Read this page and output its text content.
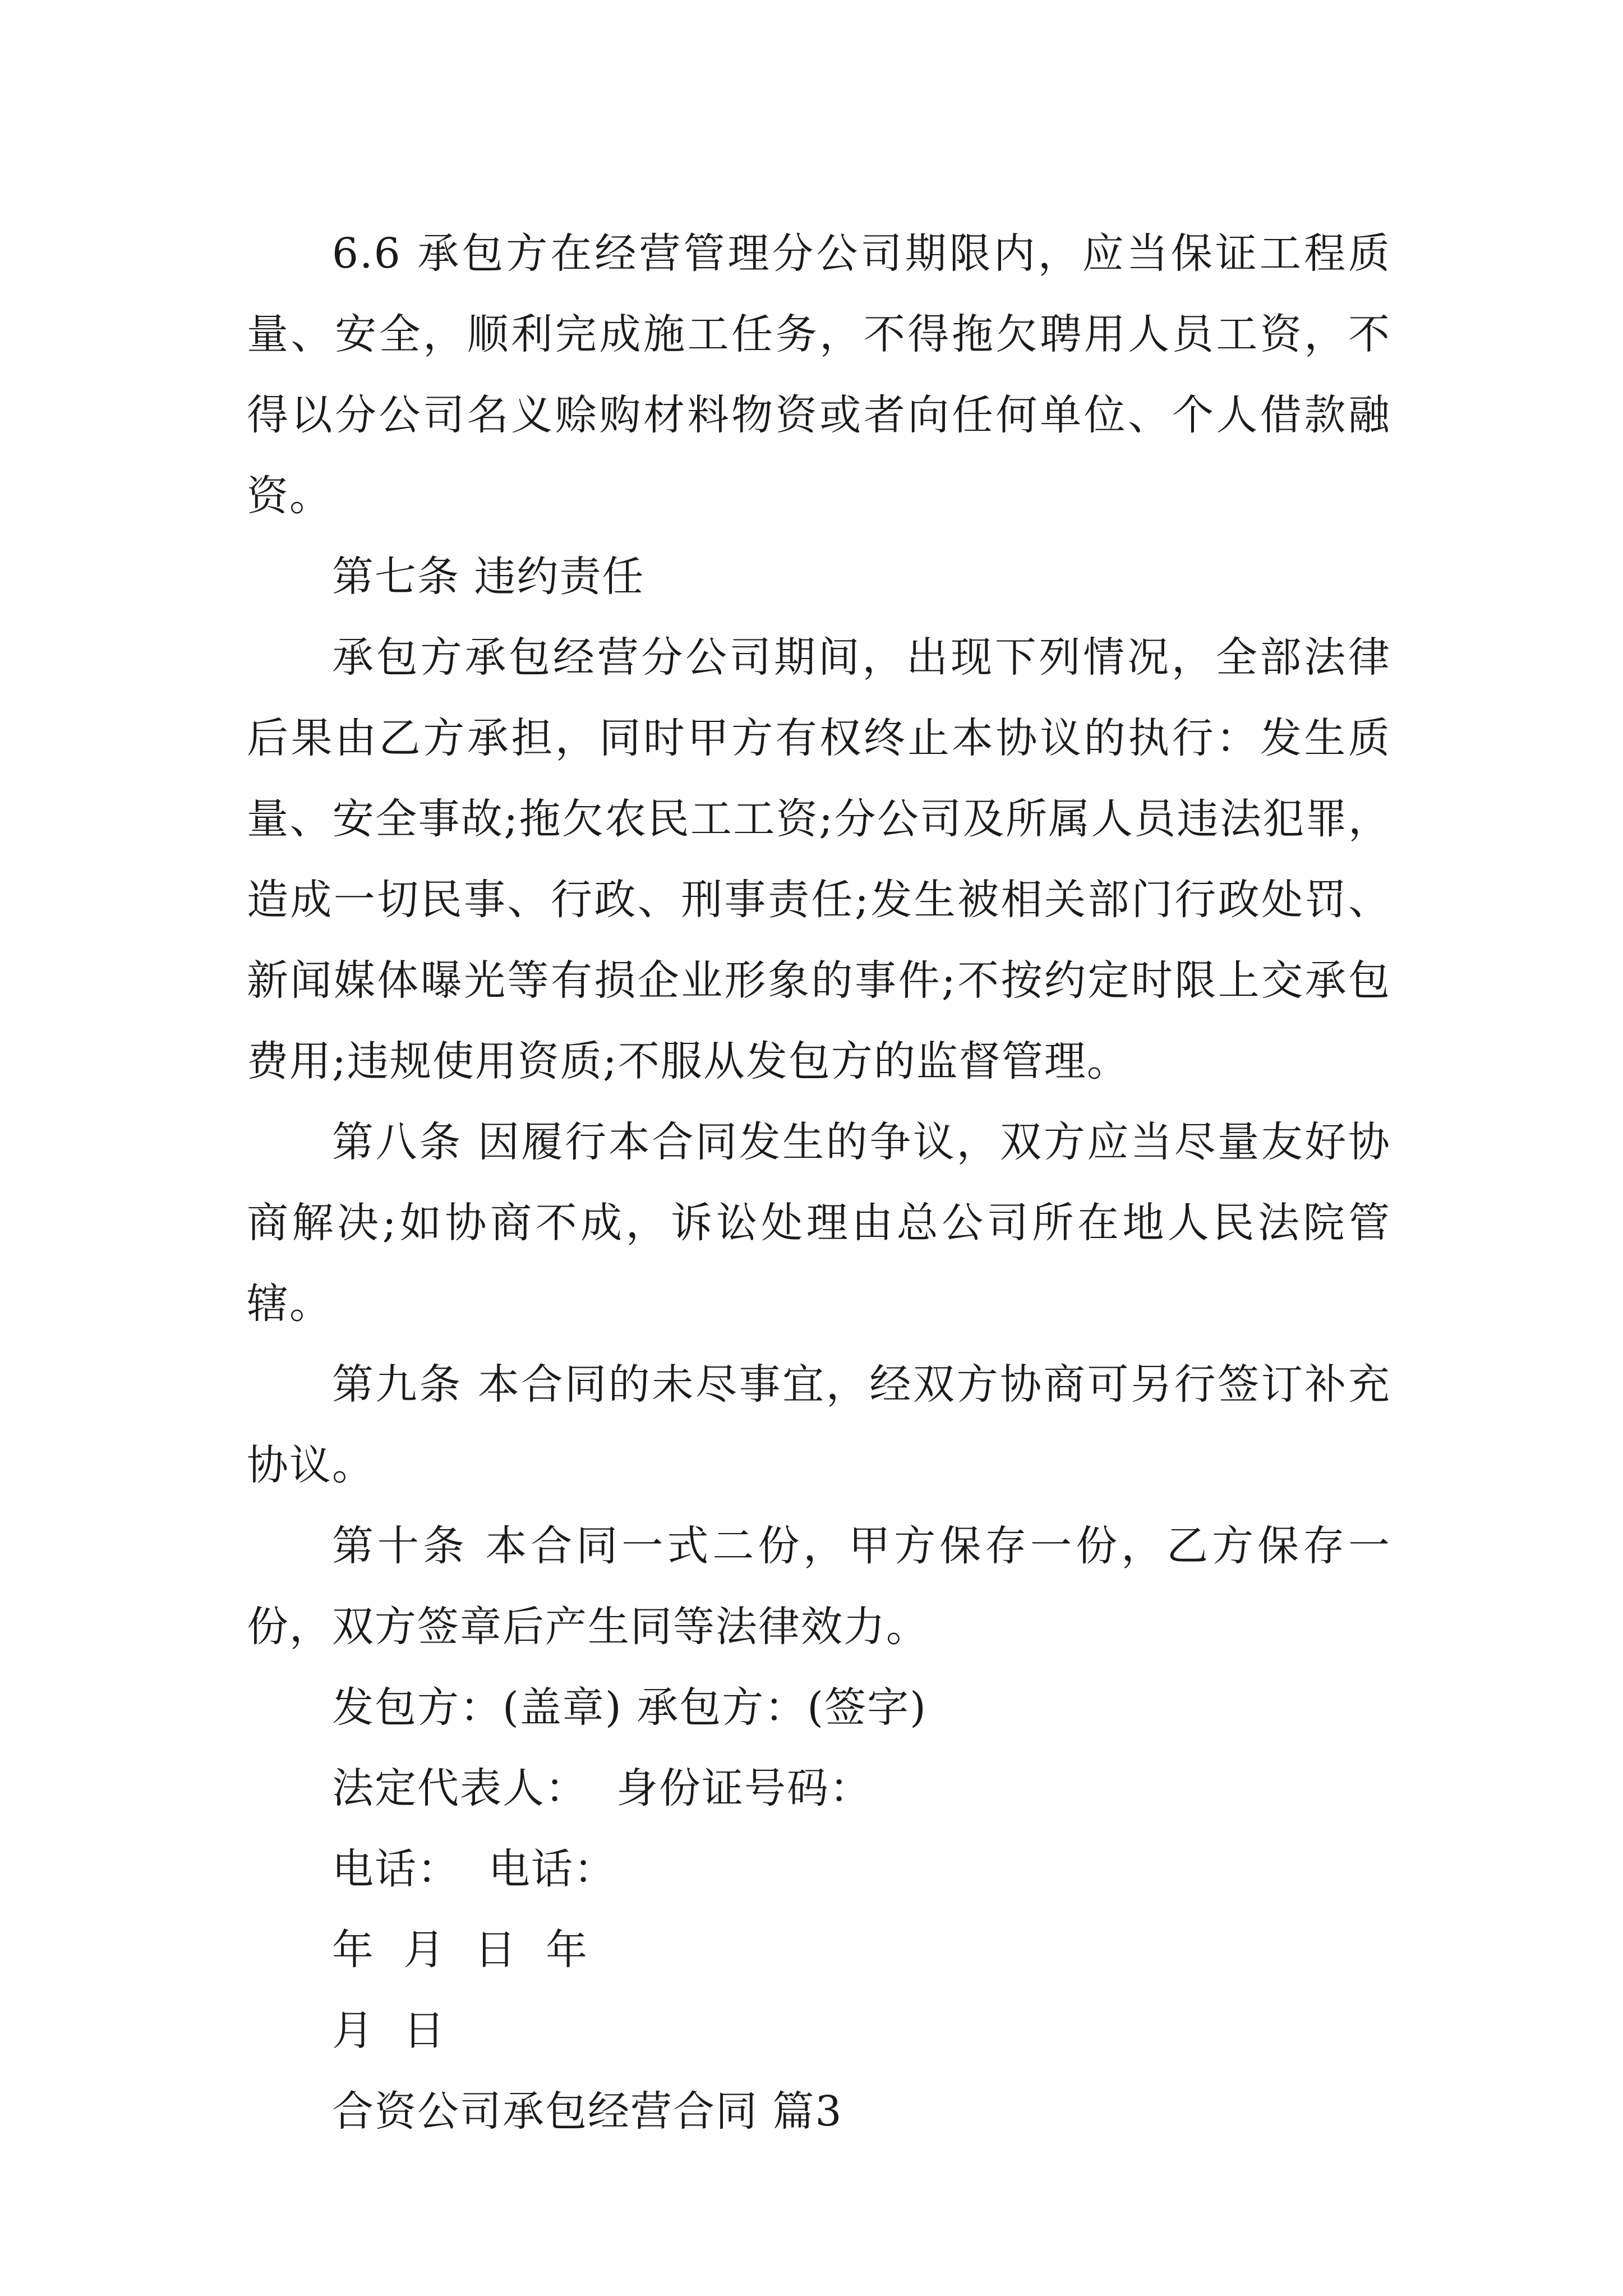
6.6 承包方在经营管理分公司期限内，应当保证工程质量、安全，顺利完成施工任务，不得拖欠聘用人员工资，不得以分公司名义赊购材料物资或者向任何单位、个人借款融资。

第七条 违约责任

承包方承包经营分公司期间，出现下列情况，全部法律后果由乙方承担，同时甲方有权终止本协议的执行：发生质量、安全事故;拖欠农民工工资;分公司及所属人员违法犯罪，造成一切民事、行政、刑事责任;发生被相关部门行政处罚、新闻媒体曝光等有损企业形象的事件;不按约定时限上交承包费用;违规使用资质;不服从发包方的监督管理。

第八条 因履行本合同发生的争议，双方应当尽量友好协商解决;如协商不成，诉讼处理由总公司所在地人民法院管辖。

第九条 本合同的未尽事宜，经双方协商可另行签订补充协议。

第十条 本合同一式二份，甲方保存一份，乙方保存一份，双方签章后产生同等法律效力。

发包方：(盖章) 承包方：(签字)

法定代表人：  身份证号码：

电话：  电话：

年  月  日  年

月  日

合资公司承包经营合同 篇3
